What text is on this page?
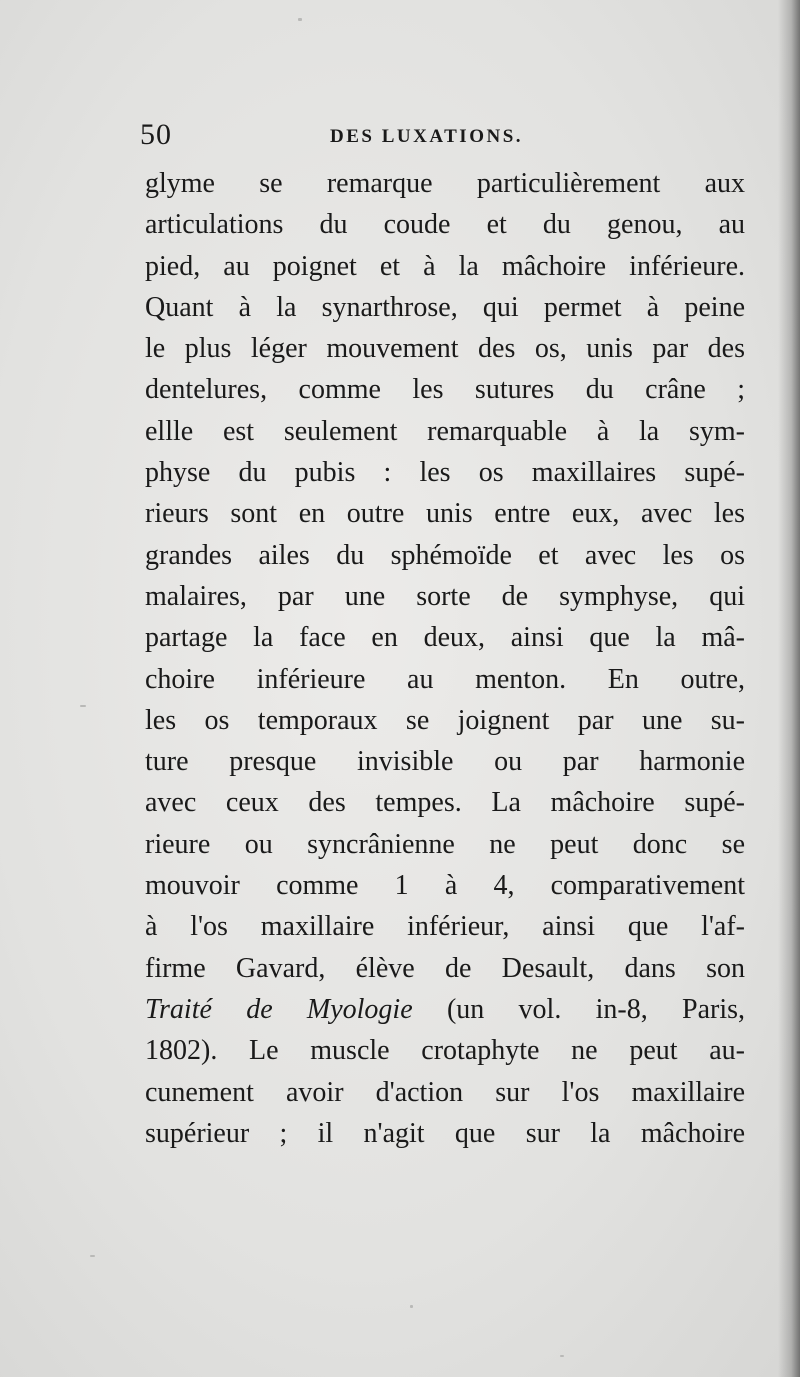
50	DES LUXATIONS.
glyme se remarque particulièrement aux
articulations du coude et du genou, au
pied, au poignet et à la mâchoire inférieure.
Quant à la synarthrose, qui permet à peine
le plus léger mouvement des os, unis par des
dentelures, comme les sutures du crâne ;
ellle est seulement remarquable à la sym-
physe du pubis : les os maxillaires supé-
rieurs sont en outre unis entre eux, avec les
grandes ailes du sphémoïde et avec les os
malaires, par une sorte de symphyse, qui
partage la face en deux, ainsi que la mâ-
choire inférieure au menton. En outre,
les os temporaux se joignent par une su-
ture presque invisible ou par harmonie
avec ceux des tempes. La mâchoire supé-
rieure ou syncrânienne ne peut donc se
mouvoir comme 1 à 4, comparativement
à l'os maxillaire inférieur, ainsi que l'af-
firme Gavard, élève de Desault, dans son
Traité de Myologie (un vol. in-8, Paris,
1802). Le muscle crotaphyte ne peut au-
cunement avoir d'action sur l'os maxillaire
supérieur ; il n'agit que sur la mâchoire
